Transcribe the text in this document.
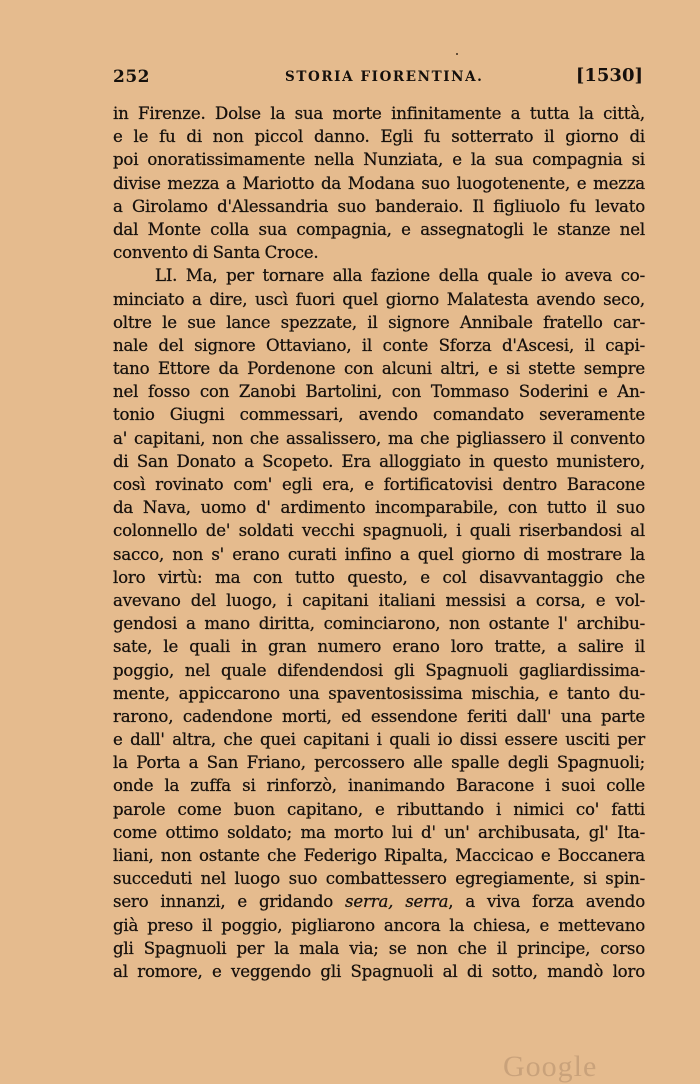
252	STORIA FIORENTINA.	[1530]
in Firenze. Dolse la sua morte infinitamente a tutta la città,
e le fu di non piccol danno. Egli fu sotterrato il giorno di
poi onoratissimamente nella Nunziata, e la sua compagnia si
divise mezza a Mariotto da Modana suo luogotenente, e mezza
a Girolamo d'Alessandria suo banderaio. Il figliuolo fu levato
dal Monte colla sua compagnia, e assegnatogli le stanze nel
convento di Santa Croce.
LI. Ma, per tornare alla fazione della quale io aveva co-
minciato a dire, uscì fuori quel giorno Malatesta avendo seco,
oltre le sue lance spezzate, il signore Annibale fratello car-
nale del signore Ottaviano, il conte Sforza d'Ascesi, il capi-
tano Ettore da Pordenone con alcuni altri, e si stette sempre
nel fosso con Zanobi Bartolini, con Tommaso Soderini e An-
tonio Giugni commessari, avendo comandato severamente
a' capitani, non che assalissero, ma che pigliassero il convento
di San Donato a Scopeto. Era alloggiato in questo munistero,
così rovinato com' egli era, e fortificatovisi dentro Baracone
da Nava, uomo d' ardimento incomparabile, con tutto il suo
colonnello de' soldati vecchi spagnuoli, i quali riserbandosi al
sacco, non s' erano curati infino a quel giorno di mostrare la
loro virtù: ma con tutto questo, e col disavvantaggio che
avevano del luogo, i capitani italiani messisi a corsa, e vol-
gendosi a mano diritta, cominciarono, non ostante l' archibu-
sate, le quali in gran numero erano loro tratte, a salire il
poggio, nel quale difendendosi gli Spagnuoli gagliardissima-
mente, appiccarono una spaventosissima mischia, e tanto du-
rarono, cadendone morti, ed essendone feriti dall' una parte
e dall' altra, che quei capitani i quali io dissi essere usciti per
la Porta a San Friano, percossero alle spalle degli Spagnuoli;
onde la zuffa si rinforzò, inanimando Baracone i suoi colle
parole come buon capitano, e ributtando i nimici co' fatti
come ottimo soldato; ma morto lui d' un' archibusata, gl' Ita-
liani, non ostante che Federigo Ripalta, Maccicao e Boccanera
succeduti nel luogo suo combattessero egregiamente, si spin-
sero innanzi, e gridando serra, serra, a viva forza avendo
già preso il poggio, pigliarono ancora la chiesa, e mettevano
gli Spagnuoli per la mala via; se non che il principe, corso
al romore, e veggendo gli Spagnuoli al di sotto, mandò loro
Google
